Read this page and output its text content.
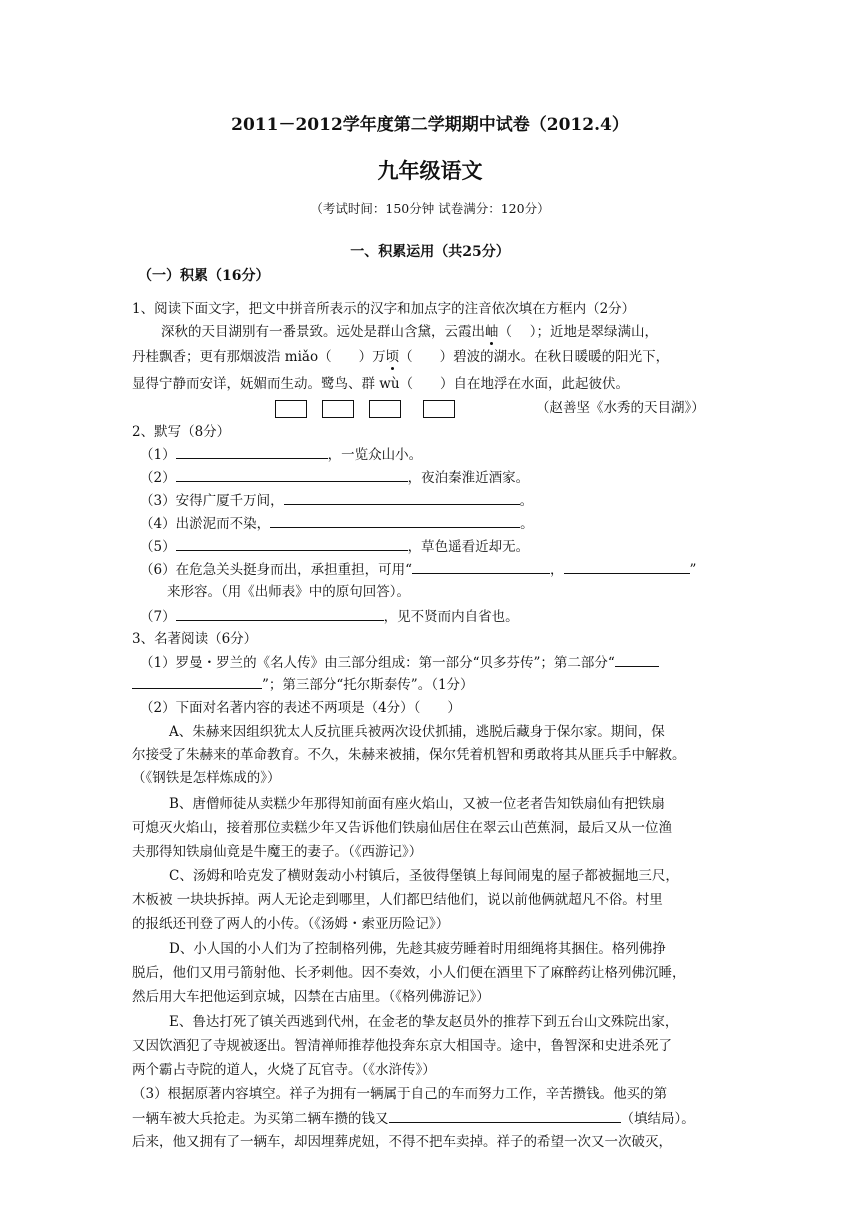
2011－2012学年度第二学期期中试卷（2012.4）
九年级语文
（考试时间：150分钟 试卷满分：120分）
一、积累运用（共25分）
（一）积累（16分）
1、阅读下面文字，把文中拼音所表示的汉字和加点字的注音依次填在方框内（2分）
深秋的天目湖别有一番景致。远处是群山含黛，云霞出岫（　 ）；近地是翠绿满山，
丹桂飘香；更有那烟波浩 miǎo（　　）万顷（　　）碧波的湖水。在秋日暖暖的阳光下，
显得宁静而安详，妩媚而生动。鹭鸟、群 wù（　　）自在地浮在水面，此起彼伏。
（赵善坚《水秀的天目湖》）
2、默写（8分）
（1）	，一览众山小。
（2）	，夜泊秦淮近酒家。
（3）安得广厦千万间，	。
（4）出淤泥而不染，	。
（5）	，草色遥看近却无。
（6）在危急关头挺身而出，承担重担，可用“	，	”
来形容。（用《出师表》中的原句回答）。
（7）	，见不贤而内自省也。
3、名著阅读（6分）
（1）罗曼・罗兰的《名人传》由三部分组成：第一部分“贝多芬传”；第二部分“
”；第三部分“托尔斯泰传”。（1分）
（2）下面对名著内容的表述不两项是（4分）（　　）
A、朱赫来因组织犹太人反抗匪兵被两次设伏抓捕，逃脱后藏身于保尔家。期间，保
尔接受了朱赫来的革命教育。不久，朱赫来被捕，保尔凭着机智和勇敢将其从匪兵手中解救。
（《钢铁是怎样炼成的》）
B、唐僧师徒从卖糕少年那得知前面有座火焰山，又被一位老者告知铁扇仙有把铁扇
可熄灭火焰山，接着那位卖糕少年又告诉他们铁扇仙居住在翠云山芭蕉洞，最后又从一位渔
夫那得知铁扇仙竟是牛魔王的妻子。（《西游记》）
C、汤姆和哈克发了横财轰动小村镇后，圣彼得堡镇上每间闹鬼的屋子都被掘地三尺，
木板被 一块块拆掉。两人无论走到哪里，人们都巴结他们，说以前他俩就超凡不俗。村里
的报纸还刊登了两人的小传。（《汤姆・索亚历险记》）
D、小人国的小人们为了控制格列佛，先趁其疲劳睡着时用细绳将其捆住。格列佛挣
脱后，他们又用弓箭射他、长矛刺他。因不奏效，小人们便在酒里下了麻醉药让格列佛沉睡，
然后用大车把他运到京城，囚禁在古庙里。（《格列佛游记》）
E、鲁达打死了镇关西逃到代州，在金老的挚友赵员外的推荐下到五台山文殊院出家，
又因饮酒犯了寺规被逐出。智清禅师推荐他投奔东京大相国寺。途中，鲁智深和史进杀死了
两个霸占寺院的道人，火烧了瓦官寺。（《水浒传》）
（3）根据原著内容填空。祥子为拥有一辆属于自己的车而努力工作，辛苦攒钱。他买的第
一辆车被大兵抢走。为买第二辆车攒的钱又	（填结局）。
后来，他又拥有了一辆车，却因埋葬虎妞，不得不把车卖掉。祥子的希望一次又一次破灭，
